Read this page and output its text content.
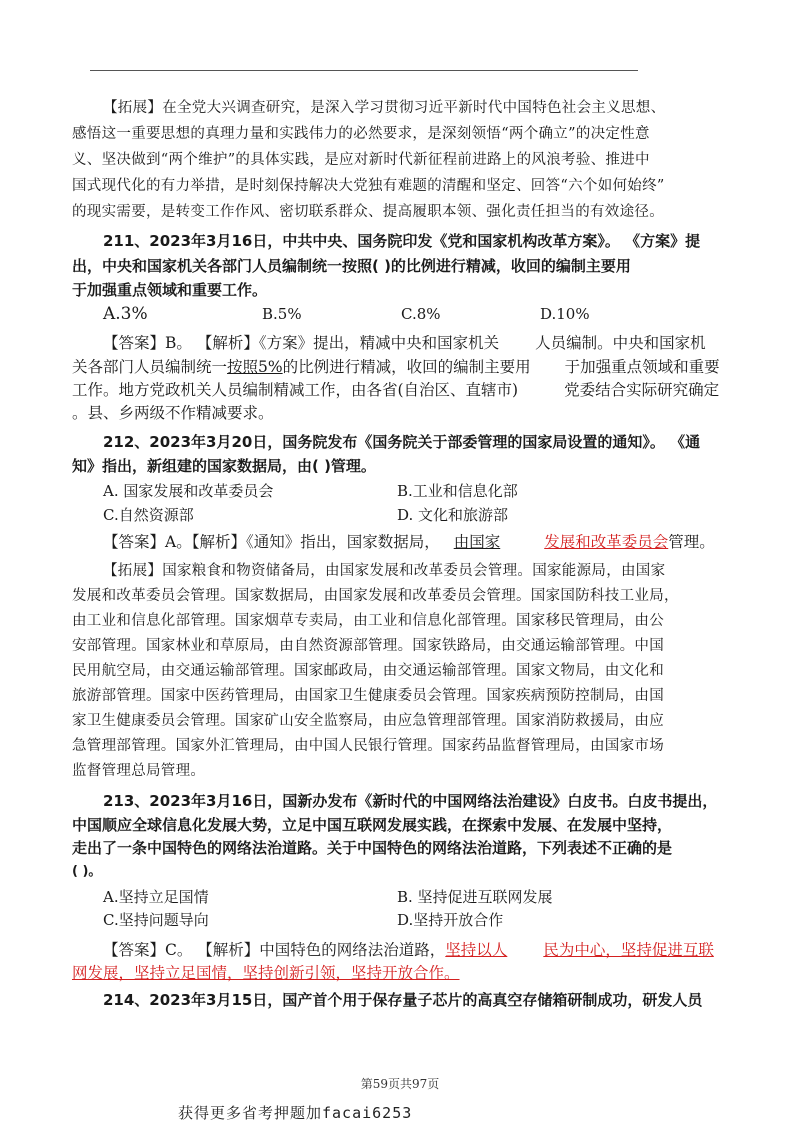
【拓展】在全党大兴调查研究，是深入学习贯彻习近平新时代中国特色社会主义思想、
感悟这一重要思想的真理力量和实践伟力的必然要求，是深刻领悟“两个确立”的决定性意
义、坚决做到“两个维护”的具体实践，是应对新时代新征程前进路上的风浪考验、推进中
国式现代化的有力举措，是时刻保持解决大党独有难题的清醒和坚定、回答“六个如何始终”
的现实需要，是转变工作作风、密切联系群众、提高履职本领、强化责任担当的有效途径。
211、2023年3月16日，中共中央、国务院印发《党和国家机构改革方案》。 《方案》提
出，中央和国家机关各部门人员编制统一按照( )的比例进行精减，收回的编制主要用
于加强重点领域和重要工作。
A.3%	B.5%	C.8%	D.10%
【答案】B。 【解析】《方案》提出，精减中央和国家机关 人员编制。中央和国家机
关各部门人员编制统一按照5%的比例进行精减，收回的编制主要用 于加强重点领域和重要
工作。地方党政机关人员编制精减工作，由各省(自治区、直辖市)	党委结合实际研究确定
。县、乡两级不作精减要求。
212、2023年3月20日，国务院发布《国务院关于部委管理的国家局设置的通知》。 《通
知》指出，新组建的国家数据局，由( )管理。
A. 国家发展和改革委员会	B.工业和信息化部
C.自然资源部	D. 文化和旅游部
【答案】A。【解析】《通知》指出，国家数据局， 由国家	发展和改革委员会管理。
【拓展】国家粮食和物资储备局，由国家发展和改革委员会管理。国家能源局，由国家
发展和改革委员会管理。国家数据局，由国家发展和改革委员会管理。国家国防科技工业局，
由工业和信息化部管理。国家烟草专卖局，由工业和信息化部管理。国家移民管理局，由公
安部管理。国家林业和草原局，由自然资源部管理。国家铁路局，由交通运输部管理。中国
民用航空局，由交通运输部管理。国家邮政局，由交通运输部管理。国家文物局，由文化和
旅游部管理。国家中医药管理局，由国家卫生健康委员会管理。国家疾病预防控制局，由国
家卫生健康委员会管理。国家矿山安全监察局，由应急管理部管理。国家消防救援局，由应
急管理部管理。国家外汇管理局，由中国人民银行管理。国家药品监督管理局，由国家市场
监督管理总局管理。
213、2023年3月16日，国新办发布《新时代的中国网络法治建设》白皮书。白皮书提出，
中国顺应全球信息化发展大势，立足中国互联网发展实践，在探索中发展、在发展中坚持，
走出了一条中国特色的网络法治道路。关于中国特色的网络法治道路，下列表述不正确的是
( )。
A.坚持立足国情	B. 坚持促进互联网发展
C.坚持问题导向	D.坚持开放合作
【答案】C。 【解析】中国特色的网络法治道路，坚持以人 民为中心，坚持促进互联
网发展，坚持立足国情，坚持创新引领，坚持开放合作。
214、2023年3月15日，国产首个用于保存量子芯片的高真空存储箱研制成功，研发人员
第59页共97页
获得更多省考押题加facai6253
